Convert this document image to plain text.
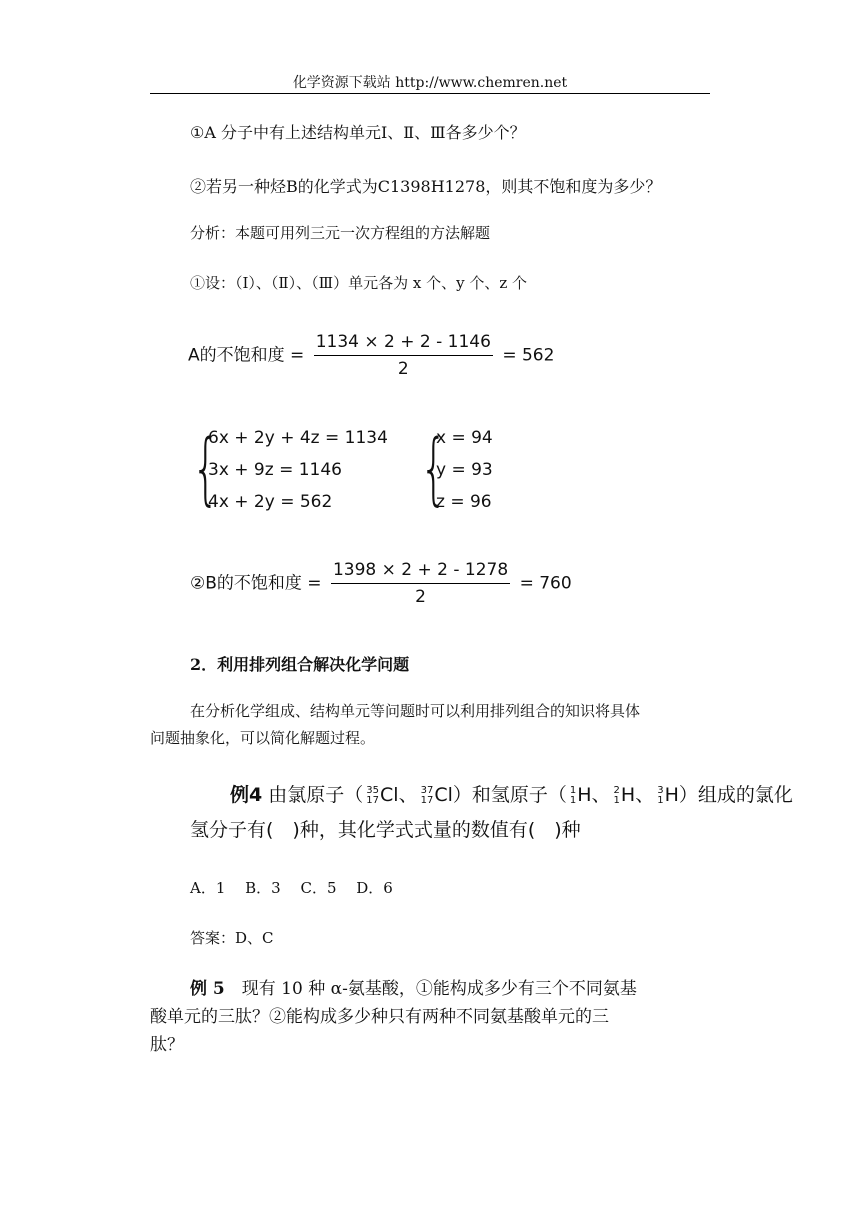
化学资源下载站 http://www.chemren.net
①A 分子中有上述结构单元Ⅰ、Ⅱ、Ⅲ各多少个？
②若另一种烃B的化学式为C1398H1278，则其不饱和度为多少？
分析：本题可用列三元一次方程组的方法解题
①设：（Ⅰ）、（Ⅱ）、（Ⅲ）单元各为 x 个、y 个、z 个
A的不饱和度 = $\frac{1134 \times 2 + 2 - 1146}{2} = 562$
{
6x + 2y + 4z = 1134
3x + 9z = 1146
4x + 2y = 562	{
x = 94
y = 93
z = 96
②B的不饱和度 = $\frac{1398 \times 2 + 2 - 1278}{2} = 760$
2．利用排列组合解决化学问题
在分析化学组成、结构单元等问题时可以利用排列组合的知识将具体
问题抽象化，可以简化解题过程。
例4 由氯原子（ 35
17 Cl、 37
17 Cl）和氢原子（ 1
1 H、 2
1 H、 3
1 H）组成的氯化
氢分子有(　)种，其化学式式量的数值有(　)种
A．1　 B．3　 C．5　 D．6
答案：D、C
例 5　现有 10 种 α-氨基酸，①能构成多少有三个不同氨基
酸单元的三肽？②能构成多少种只有两种不同氨基酸单元的三
肽？
